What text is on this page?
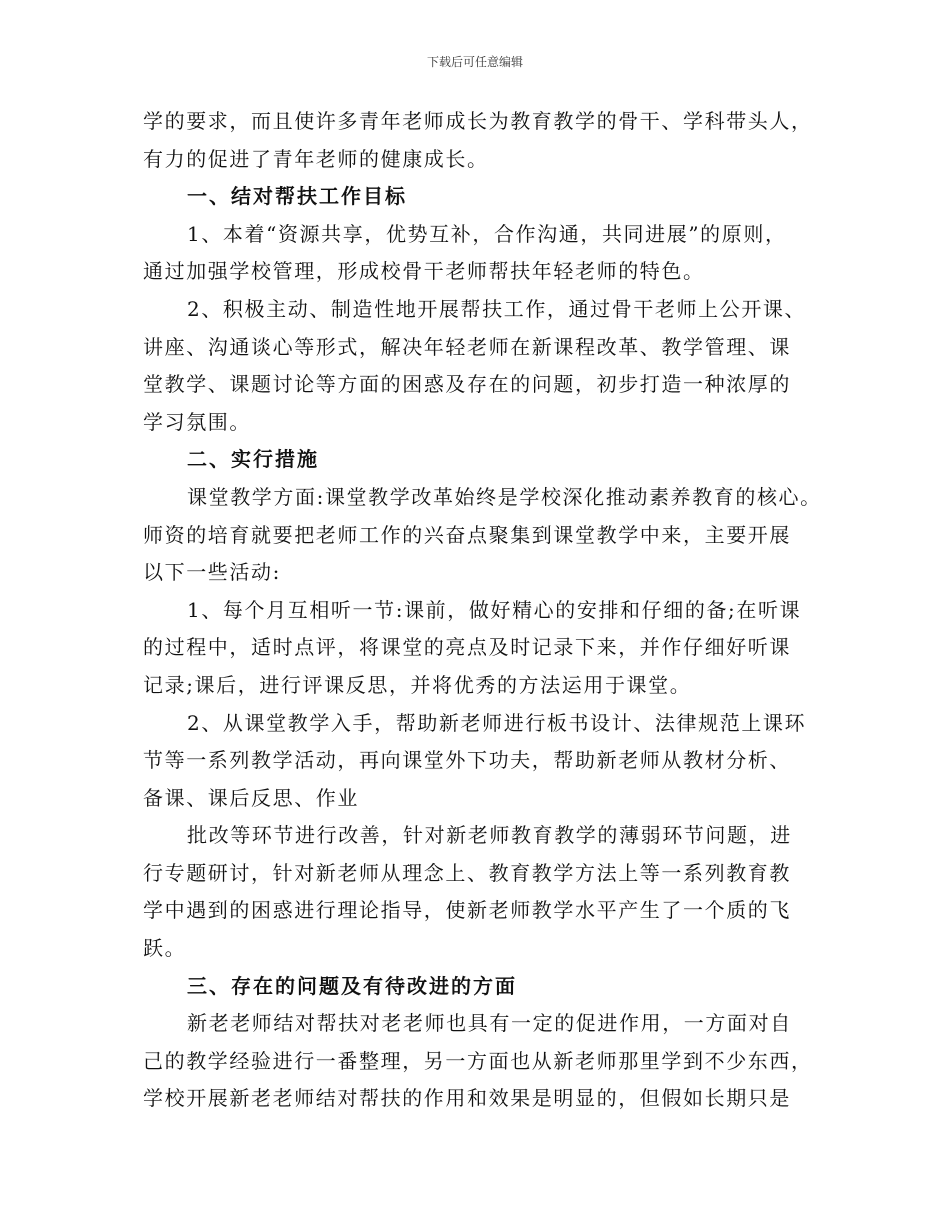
下载后可任意编辑
学的要求，而且使许多青年老师成长为教育教学的骨干、学科带头人，
有力的促进了青年老师的健康成长。
一、结对帮扶工作目标
1、本着“资源共享，优势互补，合作沟通，共同进展”的原则，
通过加强学校管理，形成校骨干老师帮扶年轻老师的特色。
2、积极主动、制造性地开展帮扶工作，通过骨干老师上公开课、
讲座、沟通谈心等形式，解决年轻老师在新课程改革、教学管理、课
堂教学、课题讨论等方面的困惑及存在的问题，初步打造一种浓厚的
学习氛围。
二、实行措施
课堂教学方面:课堂教学改革始终是学校深化推动素养教育的核心。
师资的培育就要把老师工作的兴奋点聚集到课堂教学中来，主要开展
以下一些活动:
1、每个月互相听一节:课前，做好精心的安排和仔细的备;在听课
的过程中，适时点评，将课堂的亮点及时记录下来，并作仔细好听课
记录;课后，进行评课反思，并将优秀的方法运用于课堂。
2、从课堂教学入手，帮助新老师进行板书设计、法律规范上课环
节等一系列教学活动，再向课堂外下功夫，帮助新老师从教材分析、
备课、课后反思、作业
批改等环节进行改善，针对新老师教育教学的薄弱环节问题，进
行专题研讨，针对新老师从理念上、教育教学方法上等一系列教育教
学中遇到的困惑进行理论指导，使新老师教学水平产生了一个质的飞
跃。
三、存在的问题及有待改进的方面
新老老师结对帮扶对老老师也具有一定的促进作用，一方面对自
己的教学经验进行一番整理，另一方面也从新老师那里学到不少东西，
学校开展新老老师结对帮扶的作用和效果是明显的，但假如长期只是
